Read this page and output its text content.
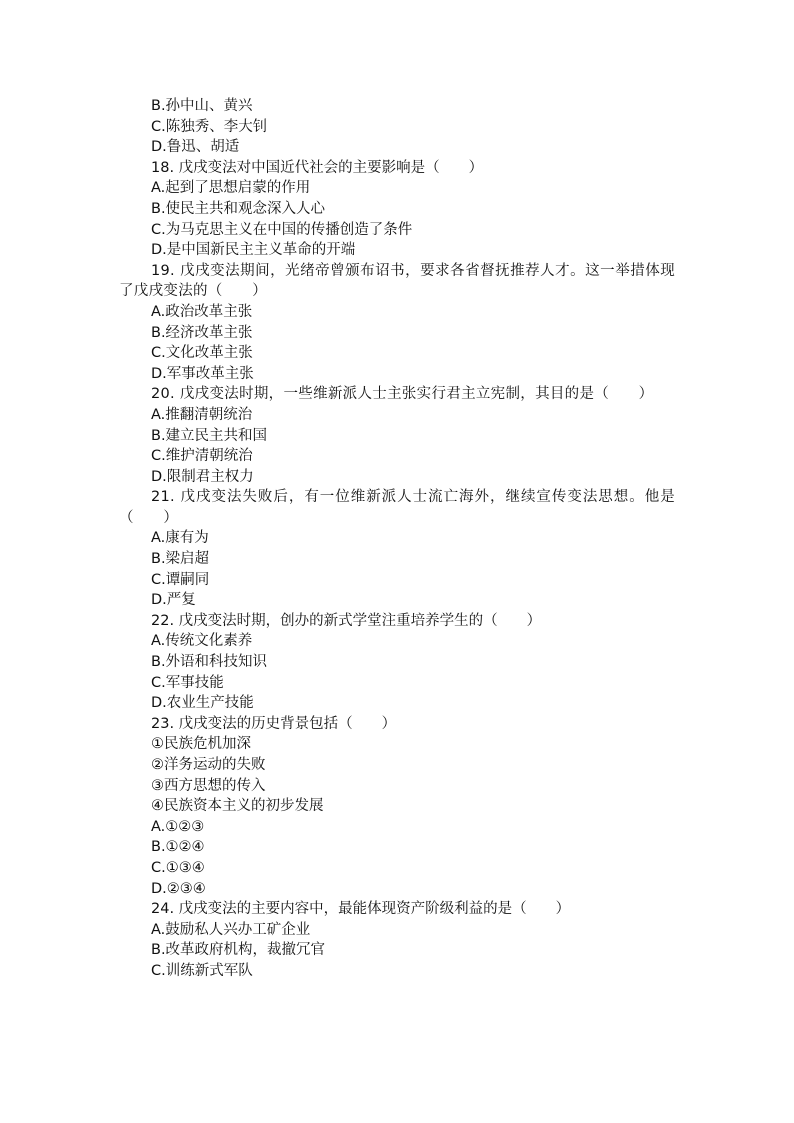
B.孙中山、黄兴
C.陈独秀、李大钊
D.鲁迅、胡适
18. 戊戌变法对中国近代社会的主要影响是（　　）
A.起到了思想启蒙的作用
B.使民主共和观念深入人心
C.为马克思主义在中国的传播创造了条件
D.是中国新民主主义革命的开端
19. 戊戌变法期间，光绪帝曾颁布诏书，要求各省督抚推荐人才。这一举措体现了戊戌变法的（　　）
A.政治改革主张
B.经济改革主张
C.文化改革主张
D.军事改革主张
20. 戊戌变法时期，一些维新派人士主张实行君主立宪制，其目的是（　　）
A.推翻清朝统治
B.建立民主共和国
C.维护清朝统治
D.限制君主权力
21. 戊戌变法失败后，有一位维新派人士流亡海外，继续宣传变法思想。他是（　　）
A.康有为
B.梁启超
C.谭嗣同
D.严复
22. 戊戌变法时期，创办的新式学堂注重培养学生的（　　）
A.传统文化素养
B.外语和科技知识
C.军事技能
D.农业生产技能
23. 戊戌变法的历史背景包括（　　）
①民族危机加深
②洋务运动的失败
③西方思想的传入
④民族资本主义的初步发展
A.①②③
B.①②④
C.①③④
D.②③④
24. 戊戌变法的主要内容中，最能体现资产阶级利益的是（　　）
A.鼓励私人兴办工矿企业
B.改革政府机构，裁撤冗官
C.训练新式军队
